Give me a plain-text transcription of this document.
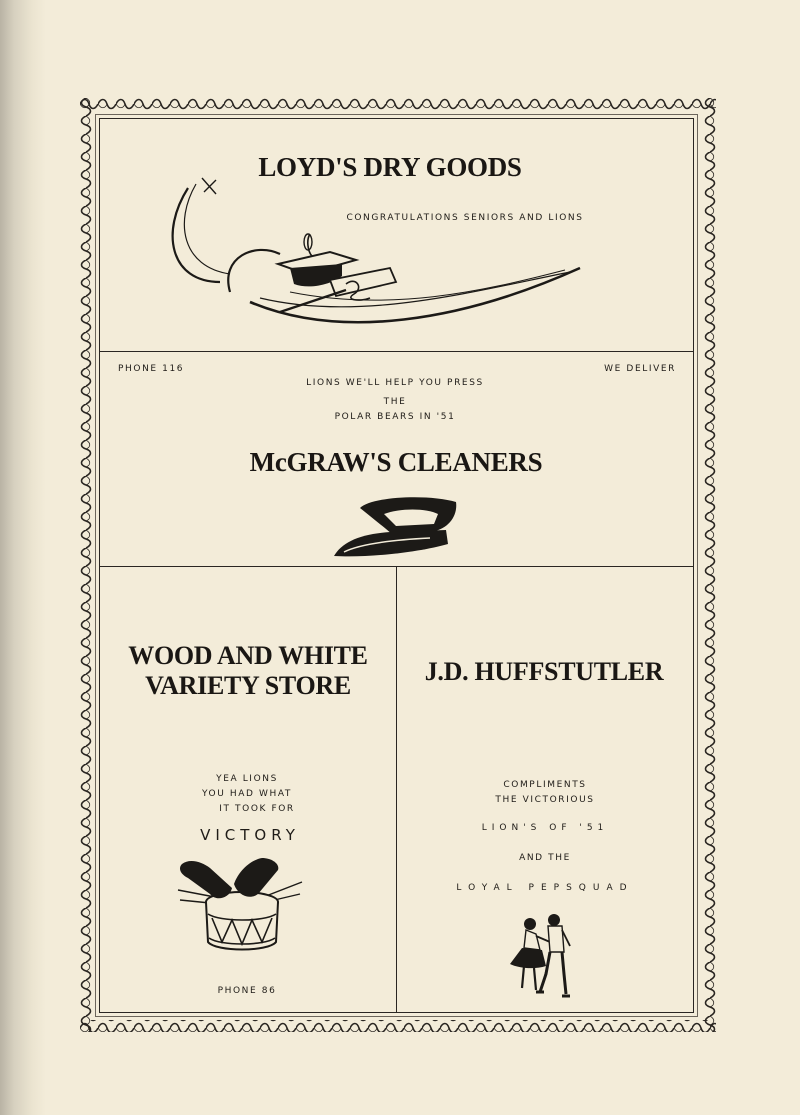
LOYD'S DRY GOODS
CONGRATULATIONS SENIORS AND LIONS
PHONE 116	WE DELIVER
LIONS WE'LL HELP YOU PRESS
THE
POLAR BEARS IN '51
McGRAW'S CLEANERS
WOOD AND WHITE
VARIETY STORE
YEA LIONS
YOU HAD WHAT
IT TOOK FOR
VICTORY
PHONE 86
J.D. HUFFSTUTLER
COMPLIMENTS
THE VICTORIOUS
LION'S OF '51
AND THE
LOYAL PEPSQUAD
